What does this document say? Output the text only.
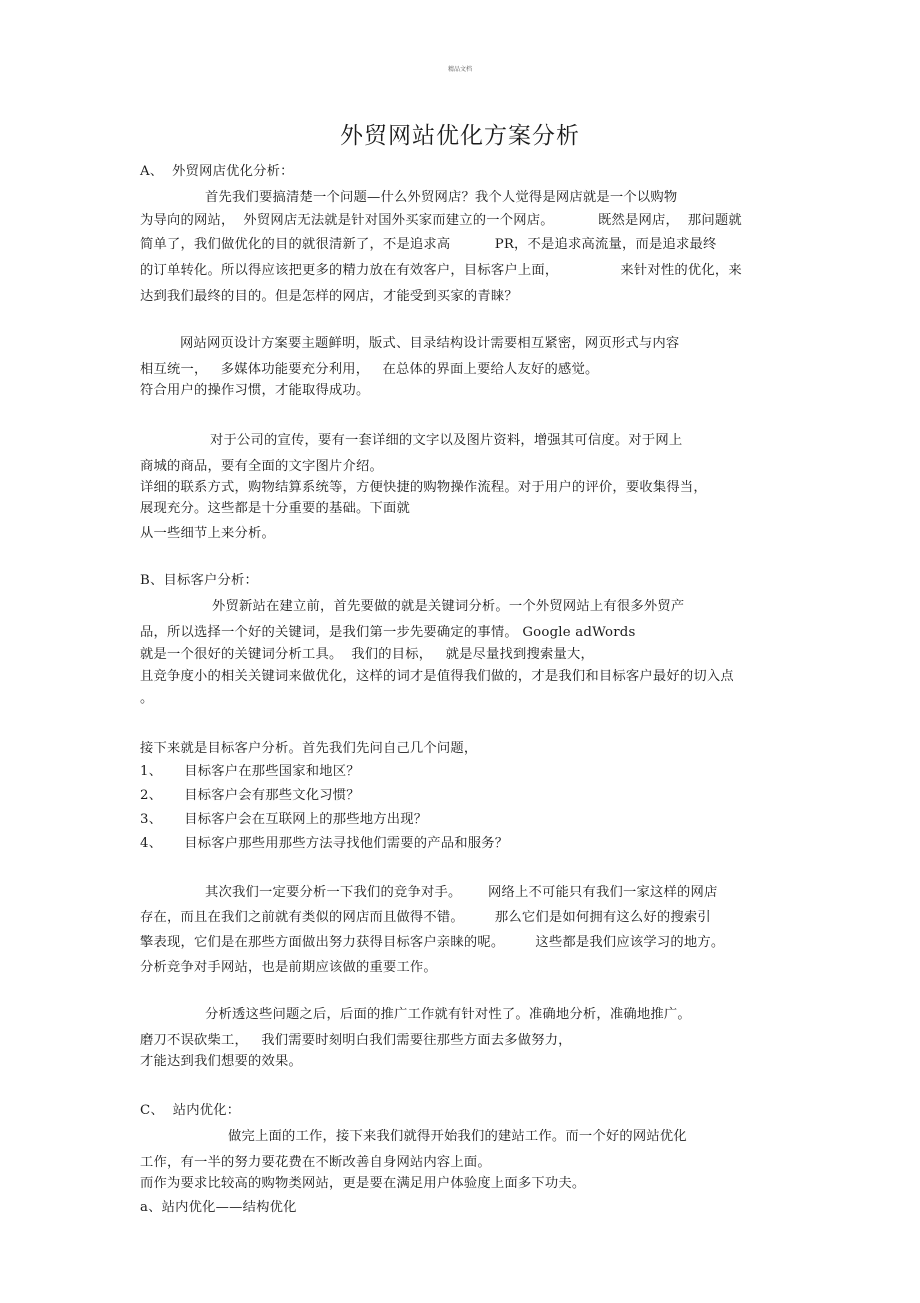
精品文档
外贸网站优化方案分析
A、  外贸网店优化分析：
首先我们要搞清楚一个问题—什么外贸网店？我个人觉得是网店就是一个以购物
为导向的网站，  外贸网店无法就是针对国外买家而建立的一个网店。          既然是网店，  那问题就
简单了，我们做优化的目的就很清新了，不是追求高          PR，不是追求高流量，而是追求最终
的订单转化。所以得应该把更多的精力放在有效客户，目标客户上面，              来针对性的优化，来
达到我们最终的目的。但是怎样的网店，才能受到买家的青睐？
网站网页设计方案要主题鲜明，版式、目录结构设计需要相互紧密，网页形式与内容
相互统一，   多媒体功能要充分利用，   在总体的界面上要给人友好的感觉。
符合用户的操作习惯，才能取得成功。
对于公司的宣传，要有一套详细的文字以及图片资料，增强其可信度。对于网上
商城的商品，要有全面的文字图片介绍。
详细的联系方式，购物结算系统等，方便快捷的购物操作流程。对于用户的评价，要收集得当，
展现充分。这些都是十分重要的基础。下面就
从一些细节上来分析。
B、目标客户分析：
外贸新站在建立前，首先要做的就是关键词分析。一个外贸网站上有很多外贸产
品，所以选择一个好的关键词，是我们第一步先要确定的事情。 Google adWords
就是一个很好的关键词分析工具。  我们的目标，   就是尽量找到搜索量大，
且竞争度小的相关关键词来做优化，这样的词才是值得我们做的，才是我们和目标客户最好的切入点
。
接下来就是目标客户分析。首先我们先问自己几个问题，
1、     目标客户在那些国家和地区？
2、     目标客户会有那些文化习惯？
3、     目标客户会在互联网上的那些地方出现？
4、     目标客户那些用那些方法寻找他们需要的产品和服务？
其次我们一定要分析一下我们的竞争对手。      网络上不可能只有我们一家这样的网店
存在，而且在我们之前就有类似的网店而且做得不错。       那么它们是如何拥有这么好的搜索引
擎表现，它们是在那些方面做出努力获得目标客户亲睐的呢。       这些都是我们应该学习的地方。
分析竞争对手网站，也是前期应该做的重要工作。
分析透这些问题之后，后面的推广工作就有针对性了。准确地分析，准确地推广。
磨刀不误砍柴工，   我们需要时刻明白我们需要往那些方面去多做努力，
才能达到我们想要的效果。
C、  站内优化：
做完上面的工作，接下来我们就得开始我们的建站工作。而一个好的网站优化
工作，有一半的努力要花费在不断改善自身网站内容上面。
而作为要求比较高的购物类网站，更是要在满足用户体验度上面多下功夫。
a、站内优化——结构优化
